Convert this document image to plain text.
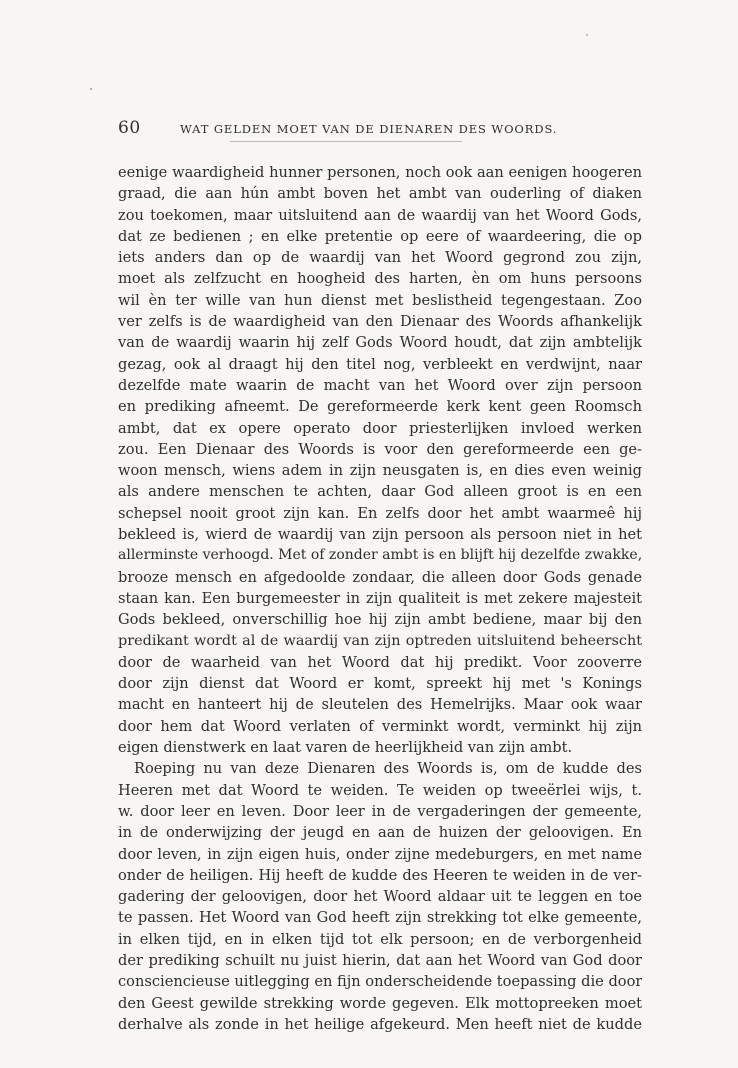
60	WAT GELDEN MOET VAN DE DIENAREN DES WOORDS.
eenige waardigheid hunner personen, noch ook aan eenigen hoogeren
graad, die aan hún ambt boven het ambt van ouderling of diaken
zou toekomen, maar uitsluitend aan de waardij van het Woord Gods,
dat ze bedienen ; en elke pretentie op eere of waardeering, die op
iets anders dan op de waardij van het Woord gegrond zou zijn,
moet als zelfzucht en hoogheid des harten, èn om huns persoons
wil èn ter wille van hun dienst met beslistheid tegengestaan. Zoo
ver zelfs is de waardigheid van den Dienaar des Woords afhankelijk
van de waardij waarin hij zelf Gods Woord houdt, dat zijn ambtelijk
gezag, ook al draagt hij den titel nog, verbleekt en verdwijnt, naar
dezelfde mate waarin de macht van het Woord over zijn persoon
en prediking afneemt. De gereformeerde kerk kent geen Roomsch
ambt, dat ex opere operato door priesterlijken invloed werken
zou. Een Dienaar des Woords is voor den gereformeerde een ge-
woon mensch, wiens adem in zijn neusgaten is, en dies even weinig
als andere menschen te achten, daar God alleen groot is en een
schepsel nooit groot zijn kan. En zelfs door het ambt waarmeê hij
bekleed is, wierd de waardij van zijn persoon als persoon niet in het
allerminste verhoogd. Met of zonder ambt is en blijft hij dezelfde zwakke,
brooze mensch en afgedoolde zondaar, die alleen door Gods genade
staan kan. Een burgemeester in zijn qualiteit is met zekere majesteit
Gods bekleed, onverschillig hoe hij zijn ambt bediene, maar bij den
predikant wordt al de waardij van zijn optreden uitsluitend beheerscht
door de waarheid van het Woord dat hij predikt. Voor zooverre
door zijn dienst dat Woord er komt, spreekt hij met 's Konings
macht en hanteert hij de sleutelen des Hemelrijks. Maar ook waar
door hem dat Woord verlaten of verminkt wordt, verminkt hij zijn
eigen dienstwerk en laat varen de heerlijkheid van zijn ambt.
Roeping nu van deze Dienaren des Woords is, om de kudde des
Heeren met dat Woord te weiden. Te weiden op tweeërlei wijs, t.
w. door leer en leven. Door leer in de vergaderingen der gemeente,
in de onderwijzing der jeugd en aan de huizen der geloovigen. En
door leven, in zijn eigen huis, onder zijne medeburgers, en met name
onder de heiligen. Hij heeft de kudde des Heeren te weiden in de ver-
gadering der geloovigen, door het Woord aldaar uit te leggen en toe
te passen. Het Woord van God heeft zijn strekking tot elke gemeente,
in elken tijd, en in elken tijd tot elk persoon; en de verborgenheid
der prediking schuilt nu juist hierin, dat aan het Woord van God door
consciencieuse uitlegging en fijn onderscheidende toepassing die door
den Geest gewilde strekking worde gegeven. Elk mottopreeken moet
derhalve als zonde in het heilige afgekeurd. Men heeft niet de kudde
